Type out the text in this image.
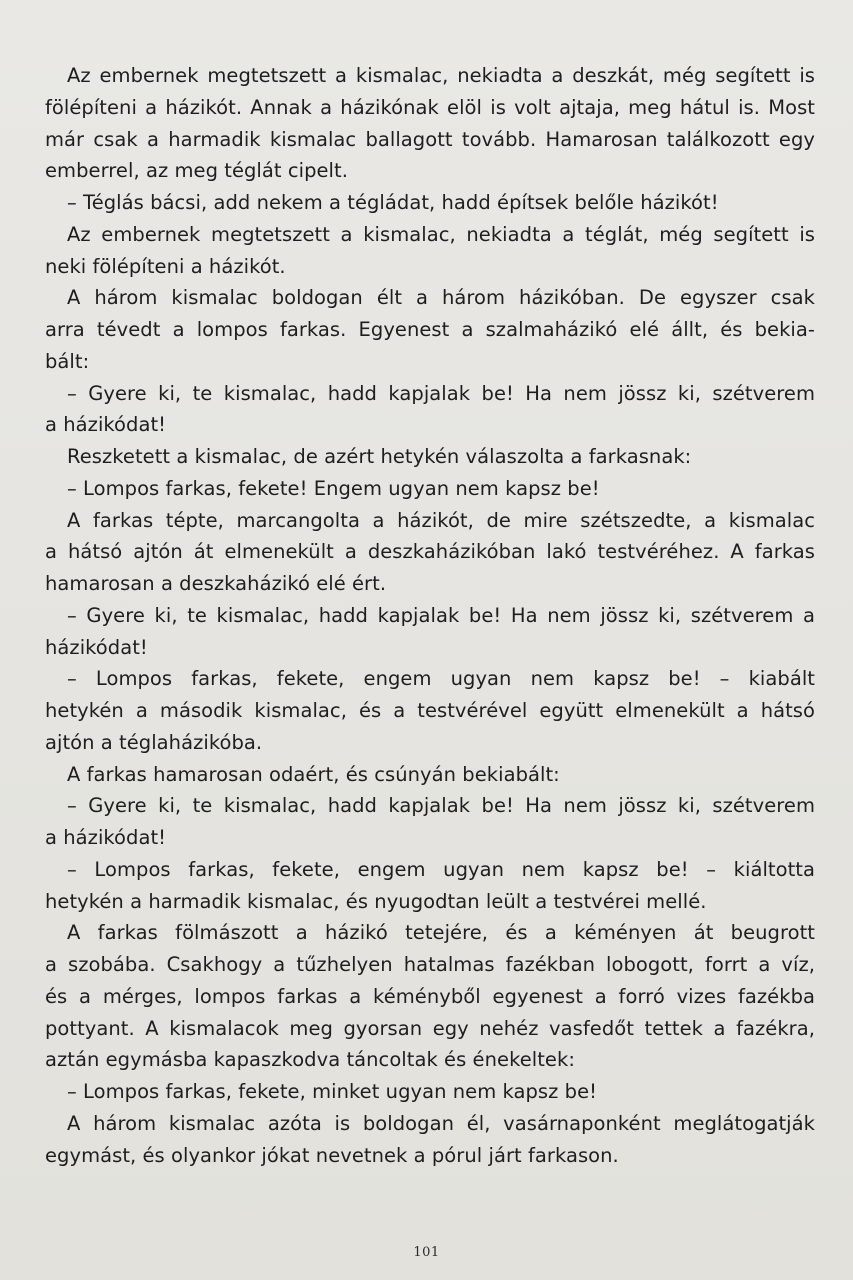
Az embernek megtetszett a kismalac, nekiadta a deszkát, még segített is
fölépíteni a házikót. Annak a házikónak elöl is volt ajtaja, meg hátul is. Most
már csak a harmadik kismalac ballagott tovább. Hamarosan találkozott egy
emberrel, az meg téglát cipelt.
– Téglás bácsi, add nekem a tégládat, hadd építsek belőle házikót!
Az embernek megtetszett a kismalac, nekiadta a téglát, még segített is
neki fölépíteni a házikót.
A három kismalac boldogan élt a három házikóban. De egyszer csak
arra tévedt a lompos farkas. Egyenest a szalmaházikó elé állt, és bekia-
bált:
– Gyere ki, te kismalac, hadd kapjalak be! Ha nem jössz ki, szétverem
a házikódat!
Reszketett a kismalac, de azért hetykén válaszolta a farkasnak:
– Lompos farkas, fekete! Engem ugyan nem kapsz be!
A farkas tépte, marcangolta a házikót, de mire szétszedte, a kismalac
a hátsó ajtón át elmenekült a deszkaházikóban lakó testvéréhez. A farkas
hamarosan a deszkaházikó elé ért.
– Gyere ki, te kismalac, hadd kapjalak be! Ha nem jössz ki, szétverem a
házikódat!
– Lompos farkas, fekete, engem ugyan nem kapsz be! – kiabált
hetykén a második kismalac, és a testvérével együtt elmenekült a hátsó
ajtón a téglaházikóba.
A farkas hamarosan odaért, és csúnyán bekiabált:
– Gyere ki, te kismalac, hadd kapjalak be! Ha nem jössz ki, szétverem
a házikódat!
– Lompos farkas, fekete, engem ugyan nem kapsz be! – kiáltotta
hetykén a harmadik kismalac, és nyugodtan leült a testvérei mellé.
A farkas fölmászott a házikó tetejére, és a kéményen át beugrott
a szobába. Csakhogy a tűzhelyen hatalmas fazékban lobogott, forrt a víz,
és a mérges, lompos farkas a kéményből egyenest a forró vizes fazékba
pottyant. A kismalacok meg gyorsan egy nehéz vasfedőt tettek a fazékra,
aztán egymásba kapaszkodva táncoltak és énekeltek:
– Lompos farkas, fekete, minket ugyan nem kapsz be!
A három kismalac azóta is boldogan él, vasárnaponként meglátogatják
egymást, és olyankor jókat nevetnek a pórul járt farkason.
101
